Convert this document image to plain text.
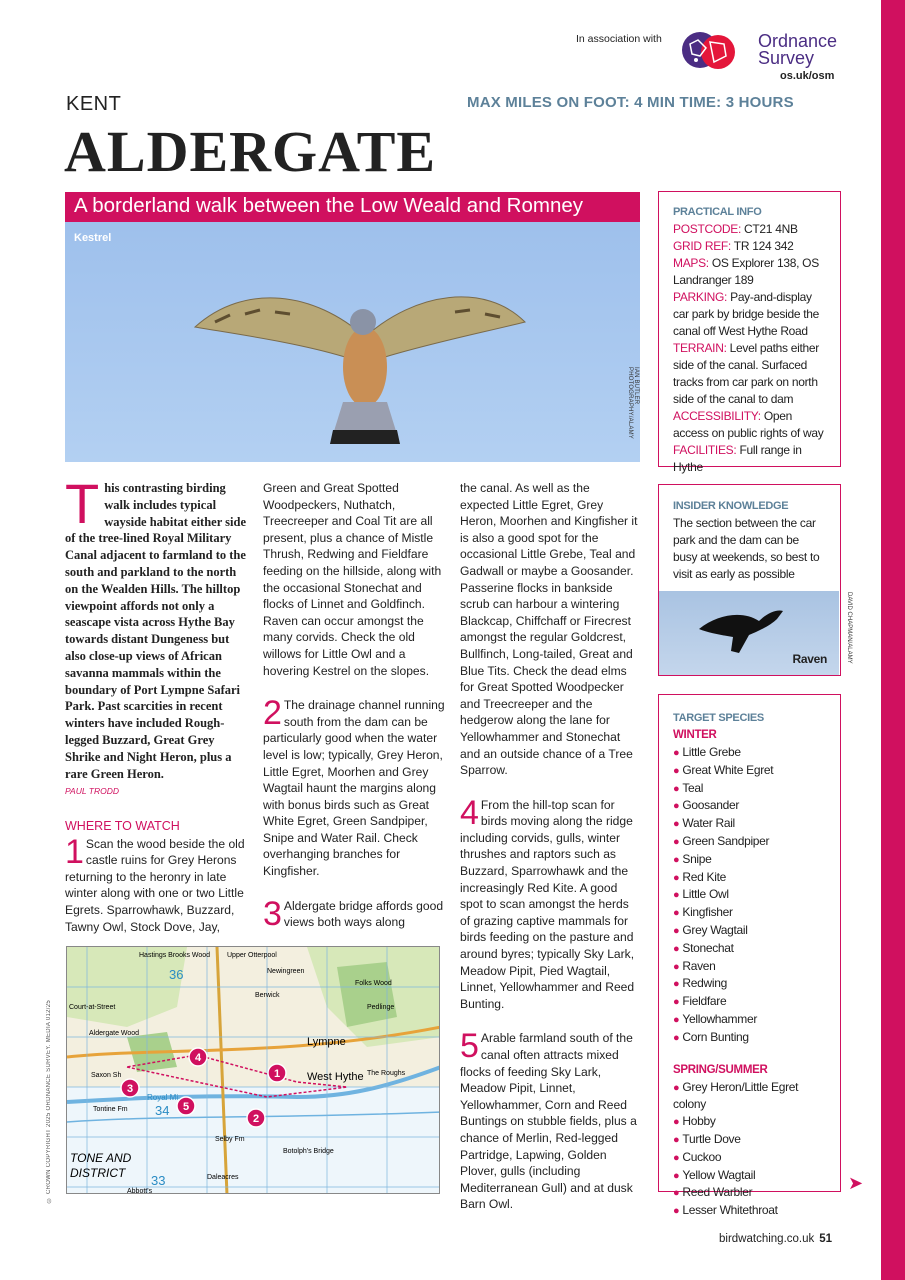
In association with	Ordnance
Survey
os.uk/osm
KENT	MAX MILES ON FOOT: 4 MIN TIME: 3 HOURS
ALDERGATE
A borderland walk between the Low Weald and Romney
Kestrel
IAN BUTLER PHOTOGRAPHY/ALAMY

This contrasting birding walk includes typical wayside habitat either side of the tree-lined Royal Military Canal adjacent to farmland to the south and parkland to the north on the Wealden Hills. The hilltop viewpoint affords not only a seascape vista across Hythe Bay towards distant Dungeness but also close-up views of African savanna mammals within the boundary of Port Lympne Safari Park. Past scarcities in recent winters have included Rough-legged Buzzard, Great Grey Shrike and Night Heron, plus a rare Green Heron.

PAUL TRODD
WHERE TO WATCH

1 Scan the wood beside the old castle ruins for Grey Herons returning to the heronry in late winter along with one or two Little Egrets. Sparrowhawk, Buzzard, Tawny Owl, Stock Dove, Jay,

Green and Great Spotted Woodpeckers, Nuthatch, Treecreeper and Coal Tit are all present, plus a chance of Mistle Thrush, Redwing and Fieldfare feeding on the hillside, along with the occasional Stonechat and flocks of Linnet and Goldfinch. Raven can occur amongst the many corvids. Check the old willows for Little Owl and a hovering Kestrel on the slopes.

2 The drainage channel running south from the dam can be particularly good when the water level is low; typically, Grey Heron, Little Egret, Moorhen and Grey Wagtail haunt the margins along with bonus birds such as Great White Egret, Green Sandpiper, Snipe and Water Rail. Check overhanging branches for Kingfisher.

3 Aldergate bridge affords good views both ways along

the canal. As well as the expected Little Egret, Grey Heron, Moorhen and Kingfisher it is also a good spot for the occasional Little Grebe, Teal and Gadwall or maybe a Goosander. Passerine flocks in bankside scrub can harbour a wintering Blackcap, Chiffchaff or Firecrest amongst the regular Goldcrest, Bullfinch, Long-tailed, Great and Blue Tits. Check the dead elms for Great Spotted Woodpecker and Treecreeper and the hedgerow along the lane for Yellowhammer and Stonechat and an outside chance of a Tree Sparrow.

4 From the hill-top scan for birds moving along the ridge including corvids, gulls, winter thrushes and raptors such as Buzzard, Sparrowhawk and the increasingly Red Kite. A good spot to scan amongst the herds of grazing captive mammals for birds feeding on the pasture and around byres; typically Sky Lark, Meadow Pipit, Pied Wagtail, Linnet, Yellowhammer and Reed Bunting.

5 Arable farmland south of the canal often attracts mixed flocks of feeding Sky Lark, Meadow Pipit, Linnet, Yellowhammer, Corn and Reed Buntings on stubble fields, plus a chance of Merlin, Red-legged Partridge, Lapwing, Golden Plover, gulls (including Mediterranean Gull) and at dusk Barn Owl.

© CROWN COPYRIGHT 2025 ORDNANCE SURVEY. MEDIA 012/25
Hastings Brooks Wood Upper Otterpool
Newingreen
36
Court-at-Street
Berwick
Folks Wood
Pedlinge
Aldergate Wood
Lympne
Saxon Sh	West Hythe The Roughs
Royal Mi
34
Tontine Fm
Selby Fm
Botolph's Bridge
TONE AND
DISTRICT 33
Abbott's
Daleacres
1
2
3
4
5
PRACTICAL INFO
POSTCODE: CT21 4NB
GRID REF: TR 124 342
MAPS: OS Explorer 138, OS Landranger 189
PARKING: Pay-and-display car park by bridge beside the canal off West Hythe Road
TERRAIN: Level paths either side of the canal. Surfaced tracks from car park on north side of the canal to dam
ACCESSIBILITY: Open access on public rights of way
FACILITIES: Full range in Hythe
INSIDER KNOWLEDGE

The section between the car park and the dam can be busy at weekends, so best to visit as early as possible

Raven	DAVID CHAPMAN/ALAMY
TARGET SPECIES
WINTER
● Little Grebe
● Great White Egret
● Teal
● Goosander
● Water Rail
● Green Sandpiper
● Snipe
● Red Kite
● Little Owl
● Kingfisher
● Grey Wagtail
● Stonechat
● Raven
● Redwing
● Fieldfare
● Yellowhammer
● Corn Bunting
SPRING/SUMMER
● Grey Heron/Little Egret colony
● Hobby
● Turtle Dove
● Cuckoo
● Yellow Wagtail
● Reed Warbler
● Lesser Whitethroat
➤
birdwatching.co.uk 51
